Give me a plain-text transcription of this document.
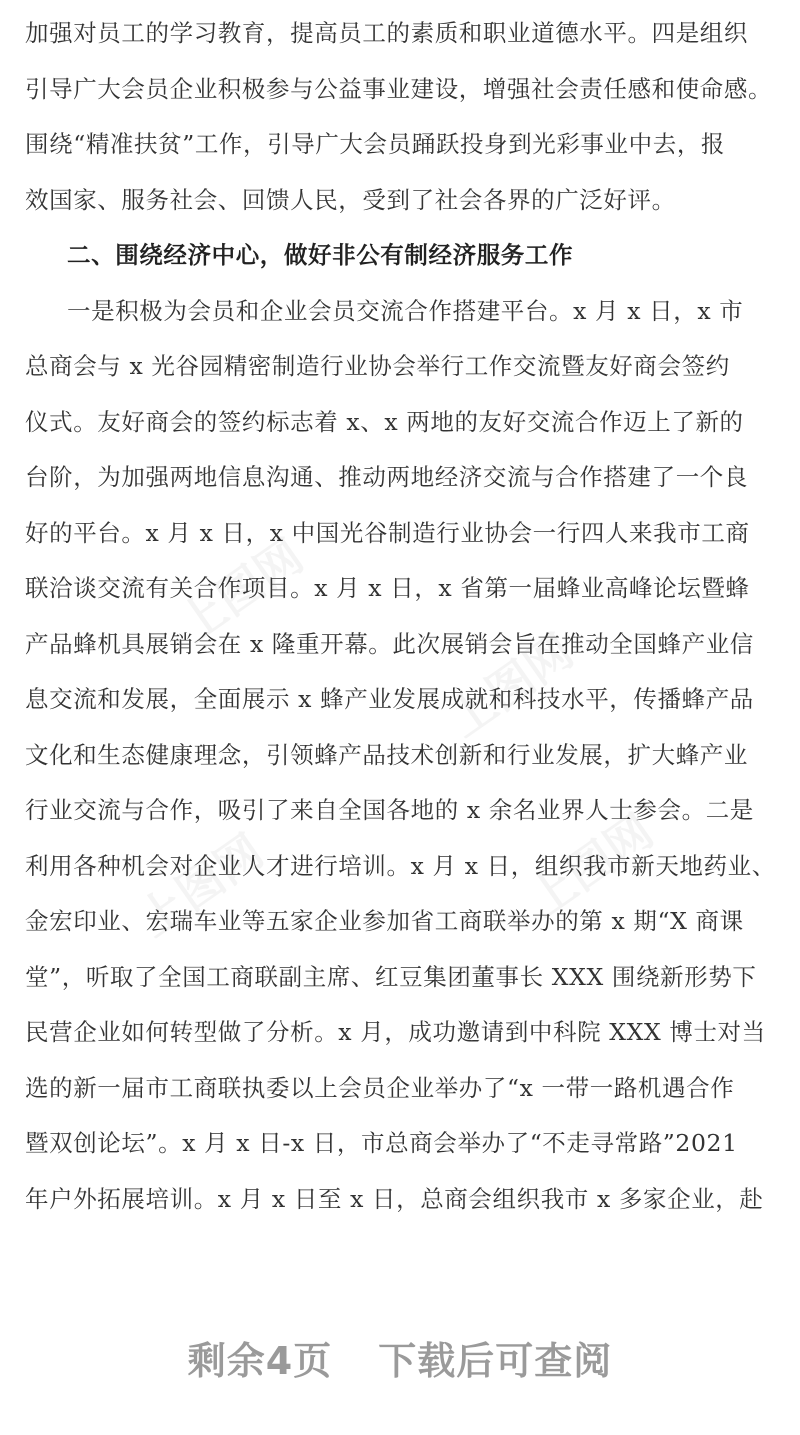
上图网
上图网
上图网	上图网
加强对员工的学习教育，提高员工的素质和职业道德水平。四是组织
引导广大会员企业积极参与公益事业建设，增强社会责任感和使命感。
围绕“精准扶贫”工作，引导广大会员踊跃投身到光彩事业中去，报
效国家、服务社会、回馈人民，受到了社会各界的广泛好评。
二、围绕经济中心，做好非公有制经济服务工作
一是积极为会员和企业会员交流合作搭建平台。x 月 x 日，x 市
总商会与 x 光谷园精密制造行业协会举行工作交流暨友好商会签约
仪式。友好商会的签约标志着 x、x 两地的友好交流合作迈上了新的
台阶，为加强两地信息沟通、推动两地经济交流与合作搭建了一个良
好的平台。x 月 x 日，x 中国光谷制造行业协会一行四人来我市工商
联洽谈交流有关合作项目。x 月 x 日，x 省第一届蜂业高峰论坛暨蜂
产品蜂机具展销会在 x 隆重开幕。此次展销会旨在推动全国蜂产业信
息交流和发展，全面展示 x 蜂产业发展成就和科技水平，传播蜂产品
文化和生态健康理念，引领蜂产品技术创新和行业发展，扩大蜂产业
行业交流与合作，吸引了来自全国各地的 x 余名业界人士参会。二是
利用各种机会对企业人才进行培训。x 月 x 日，组织我市新天地药业、
金宏印业、宏瑞车业等五家企业参加省工商联举办的第 x 期“X 商课
堂”，听取了全国工商联副主席、红豆集团董事长 XXX 围绕新形势下
民营企业如何转型做了分析。x 月，成功邀请到中科院 XXX 博士对当
选的新一届市工商联执委以上会员企业举办了“x 一带一路机遇合作
暨双创论坛”。x 月 x 日-x 日，市总商会举办了“不走寻常路”2021
年户外拓展培训。x 月 x 日至 x 日，总商会组织我市 x 多家企业，赴
剩余4页 下载后可查阅
